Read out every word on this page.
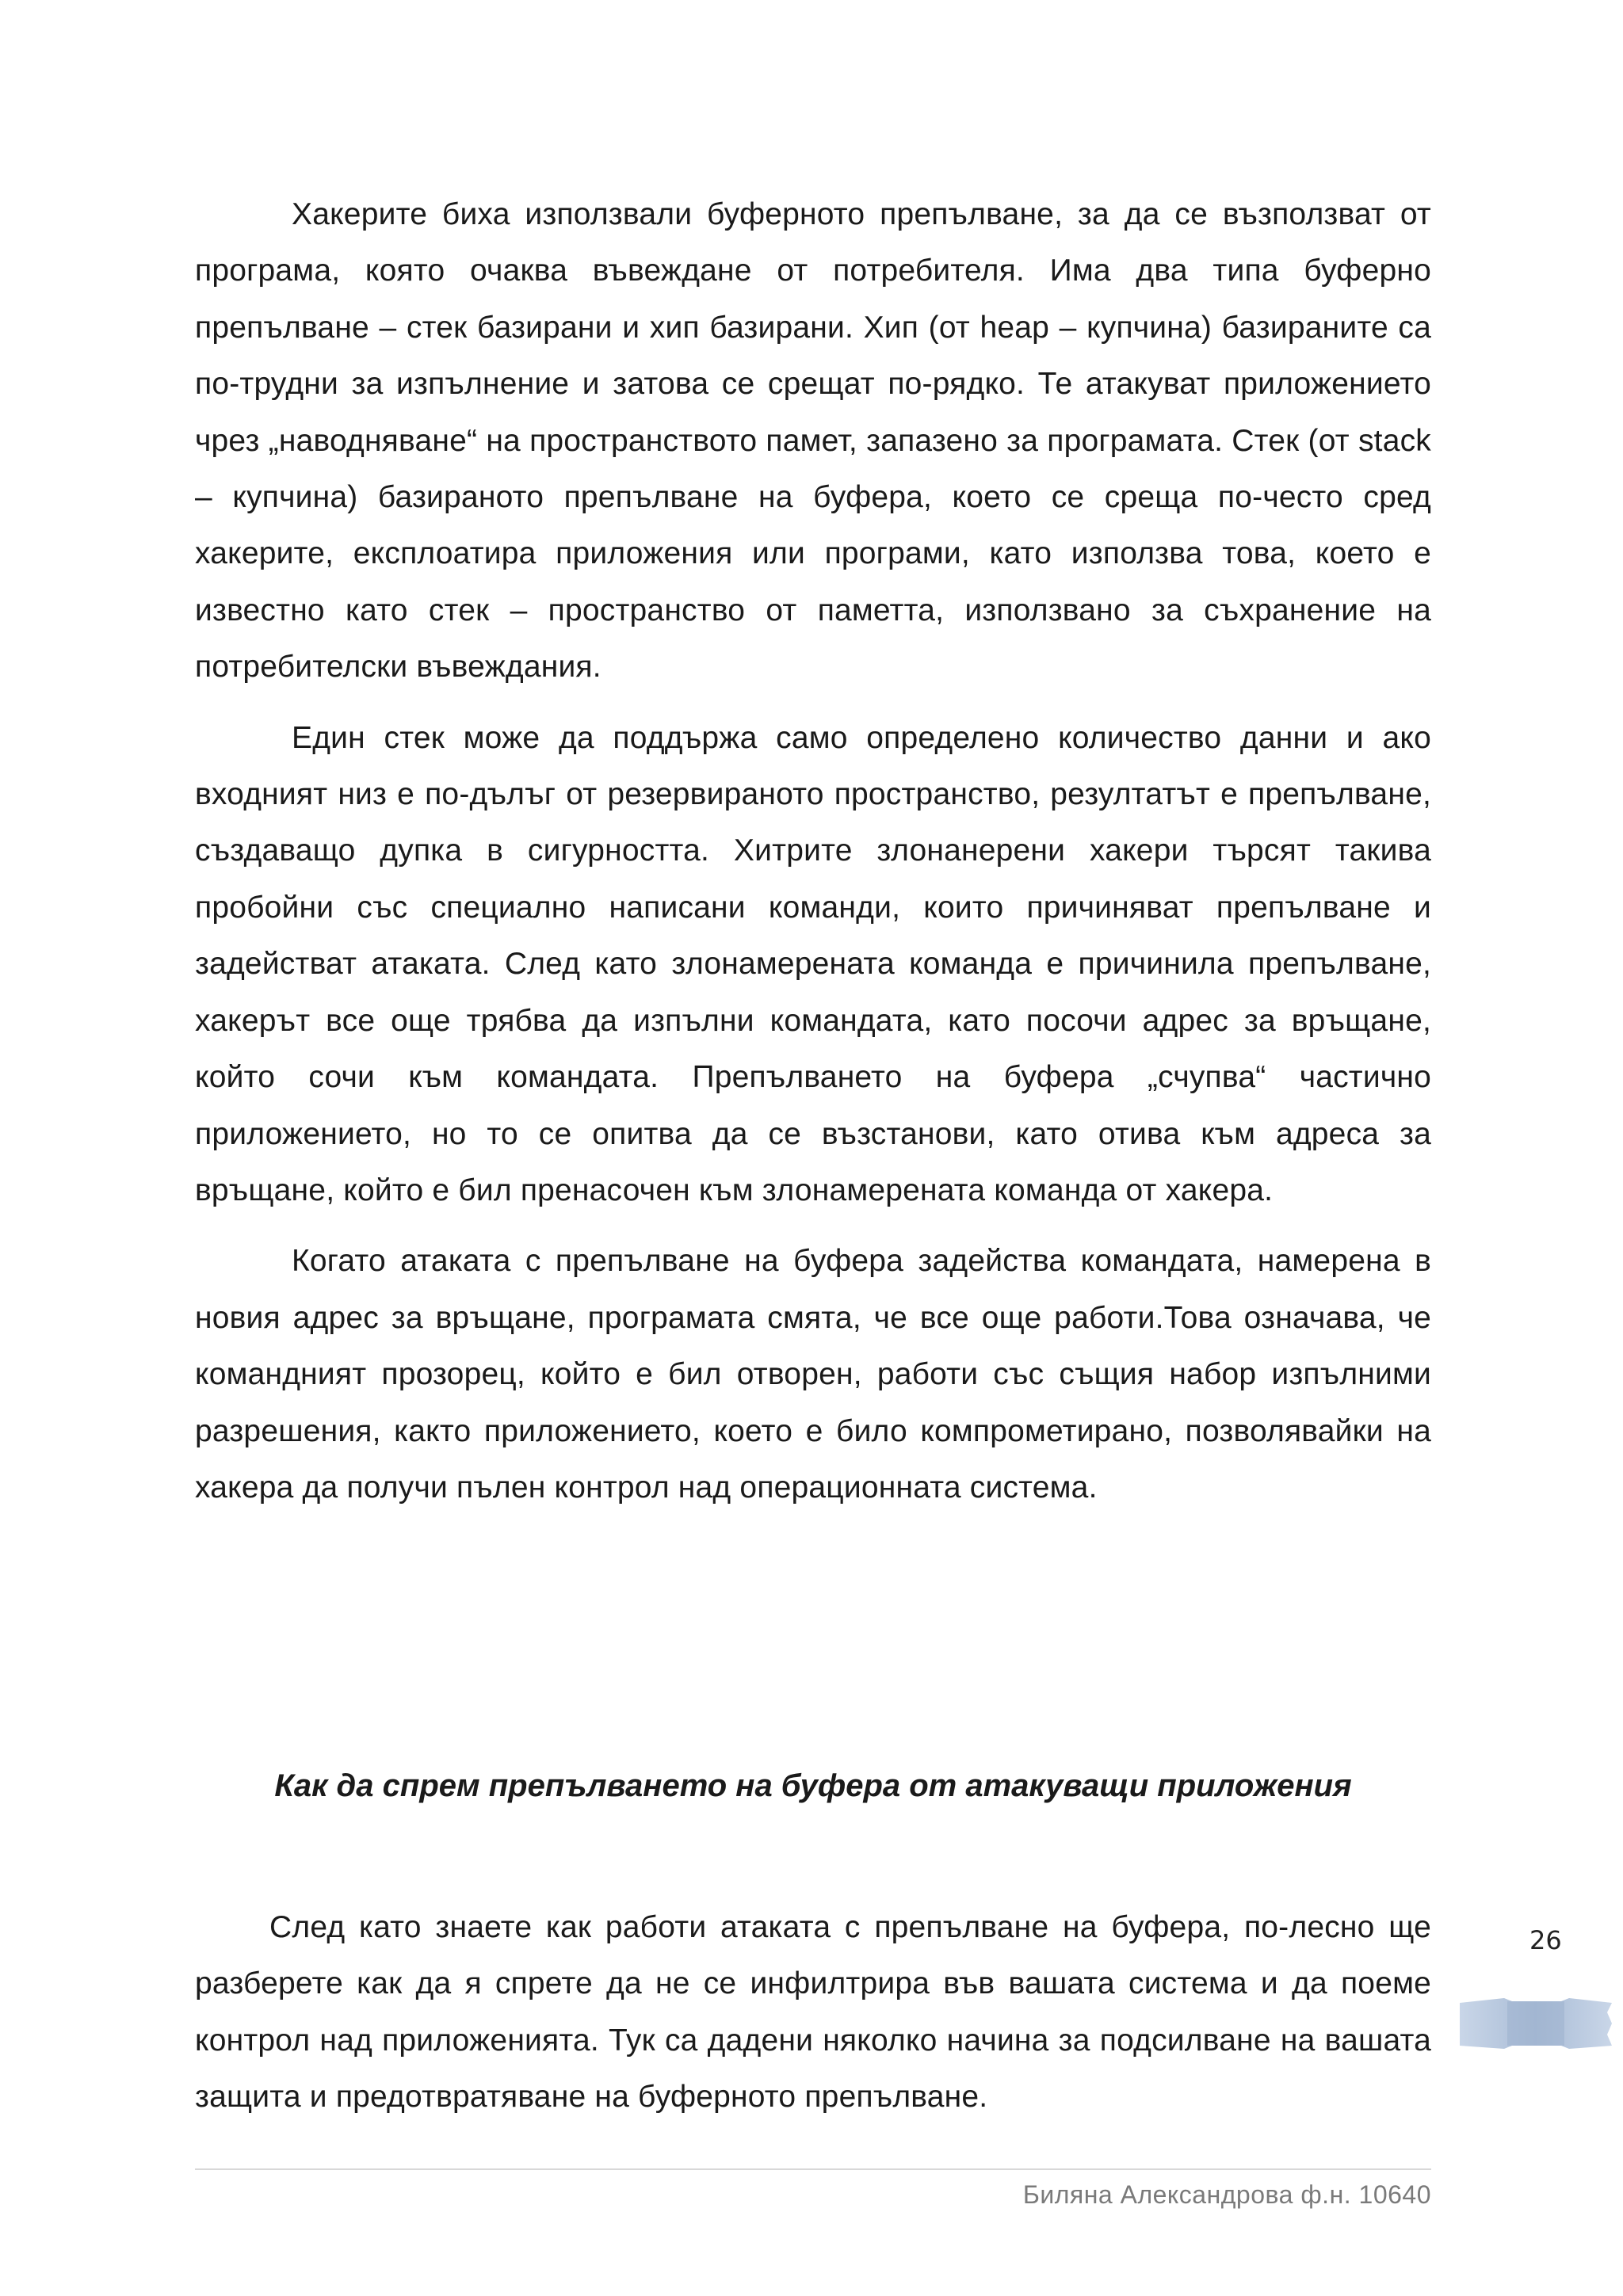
Хакерите биха използвали буферното препълване, за да се възползват от програма, която очаква въвеждане от потребителя. Има два типа буферно препълване – стек базирани и хип базирани. Хип (от heap – купчина) базираните са по-трудни за изпълнение и затова се срещат по-рядко. Те атакуват приложението чрез „наводняване“ на пространството памет, запазено за програмата. Стек (от stack – купчина) базираното препълване на буфера, което се среща по-често сред хакерите, експлоатира приложения или програми, като използва това, което е известно като стек – пространство от паметта, използвано за съхранение на потребителски въвеждания.

Един стек може да поддържа само определено количество данни и ако входният низ е по-дълъг от резервираното пространство, резултатът е препълване, създаващо дупка в сигурността. Хитрите злонанерени хакери търсят такива пробойни със специално написани команди, които причиняват препълване и задействат атаката. След като злонамерената команда е причинила препълване, хакерът все още трябва да изпълни командата, като посочи адрес за връщане, който сочи към командата. Препълването на буфера „счупва“ частично приложението, но то се опитва да се възстанови, като отива към адреса за връщане, който е бил пренасочен към злонамерената команда от хакера.

Когато атаката с препълване на буфера задейства командата, намерена в новия адрес за връщане, програмата смята, че все още работи.Това означава, че командният прозорец, който е бил отворен, работи със същия набор изпълними разрешения, както приложението, което е било компрометирано, позволявайки на хакера да получи пълен контрол над операционната система.

Как да спрем препълването на буфера от атакуващи приложения

След като знаете как работи атаката с препълване на буфера, по-лесно ще разберете как да я спрете да не се инфилтрира във вашата система и да поеме контрол над приложенията. Тук са дадени няколко начина за подсилване на вашата защита и предотвратяване на буферното препълване.

26
Биляна Александрова ф.н. 10640
